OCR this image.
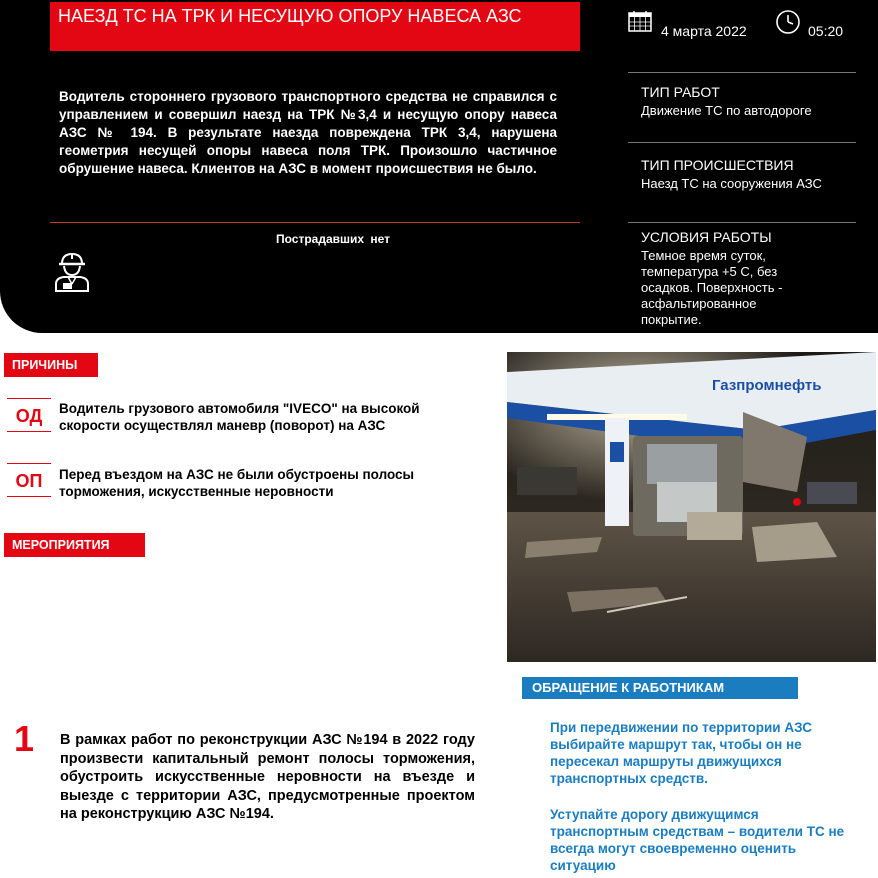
НАЕЗД ТС НА ТРК И НЕСУЩУЮ ОПОРУ НАВЕСА АЗС

Водитель стороннего грузового транспортного средства не справился с управлением и совершил наезд на ТРК №3,4 и несущую опору навеса АЗС № 194. В результате наезда повреждена ТРК 3,4, нарушена геометрия несущей опоры навеса поля ТРК. Произошло частичное обрушение навеса. Клиентов на АЗС в момент происшествия не было.

Пострадавших нет
4 марта 2022	05:20
ТИП РАБОТ
Движение ТС по автодороге
ТИП ПРОИСШЕСТВИЯ
Наезд ТС на сооружения АЗС
УСЛОВИЯ РАБОТЫ
Темное время суток, температура +5 С, без осадков. Поверхность - асфальтированное покрытие.
ПРИЧИНЫ
ОД	Водитель грузового автомобиля "IVECO" на высокой скорости осуществлял маневр (поворот) на АЗС
ОП	Перед въездом на АЗС не были обустроены полосы торможения, искусственные неровности
МЕРОПРИЯТИЯ
1 В рамках работ по реконструкции АЗС №194 в 2022 году произвести капитальный ремонт полосы торможения, обустроить искусственные неровности на въезде и выезде с территории АЗС, предусмотренные проектом на реконструкцию АЗС №194.

Газпромнефть
ОБРАЩЕНИЕ К РАБОТНИКАМ

При передвижении по территории АЗС выбирайте маршрут так, чтобы он не пересекал маршруты движущихся транспортных средств.

Уступайте дорогу движущимся транспортным средствам – водители ТС не всегда могут своевременно оценить ситуацию
